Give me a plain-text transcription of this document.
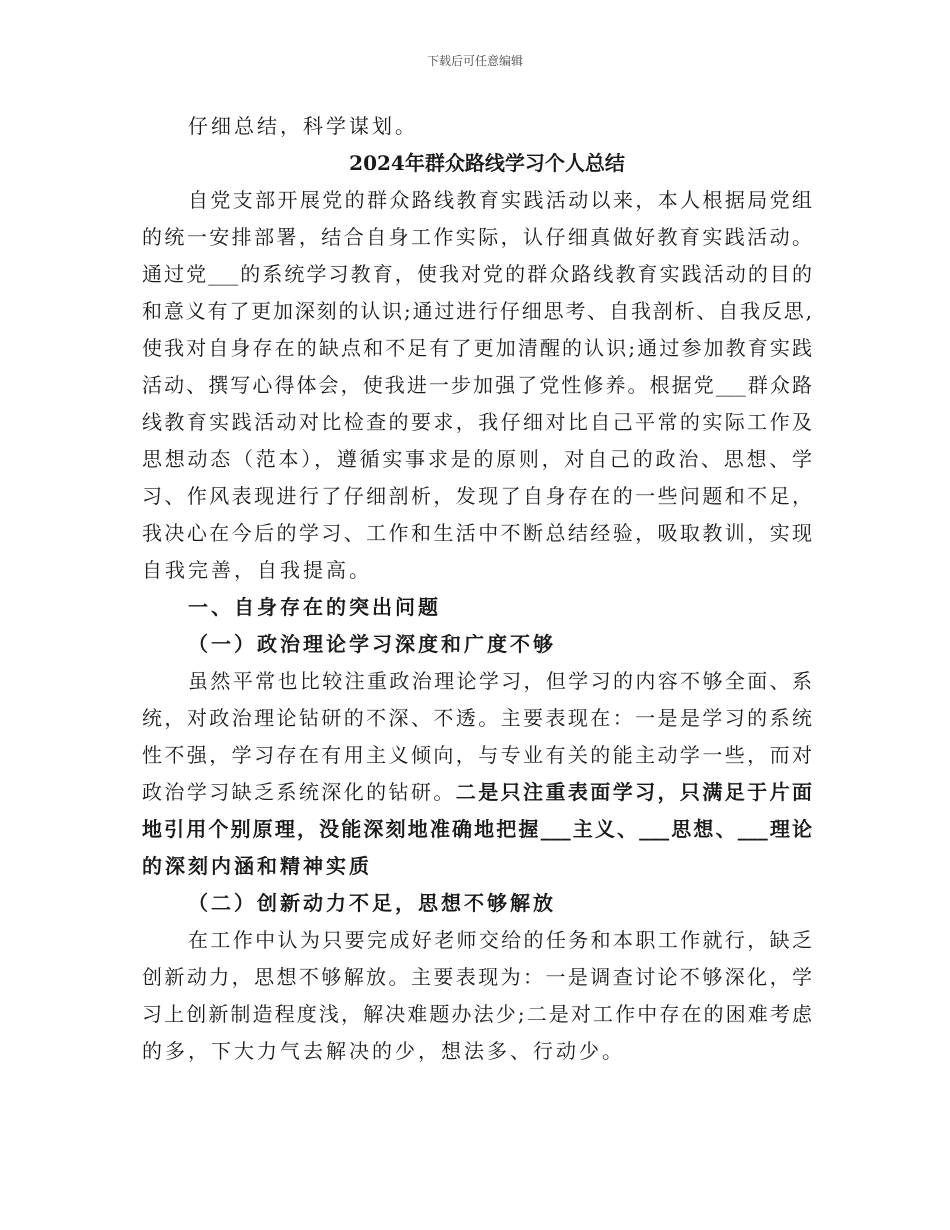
下载后可任意编辑
仔细总结，科学谋划。
2024年群众路线学习个人总结
自党支部开展党的群众路线教育实践活动以来，本人根据局党组
的统一安排部署，结合自身工作实际，认仔细真做好教育实践活动。
通过党___的系统学习教育，使我对党的群众路线教育实践活动的目的
和意义有了更加深刻的认识;通过进行仔细思考、自我剖析、自我反思,
使我对自身存在的缺点和不足有了更加清醒的认识;通过参加教育实践
活动、撰写心得体会，使我进一步加强了党性修养。根据党___群众路
线教育实践活动对比检查的要求，我仔细对比自己平常的实际工作及
思想动态（范本），遵循实事求是的原则，对自己的政治、思想、学
习、作风表现进行了仔细剖析，发现了自身存在的一些问题和不足，
我决心在今后的学习、工作和生活中不断总结经验，吸取教训，实现
自我完善，自我提高。
一、自身存在的突出问题
（一）政治理论学习深度和广度不够
虽然平常也比较注重政治理论学习，但学习的内容不够全面、系
统，对政治理论钻研的不深、不透。主要表现在：一是是学习的系统
性不强，学习存在有用主义倾向，与专业有关的能主动学一些，而对
政治学习缺乏系统深化的钻研。二是只注重表面学习，只满足于片面
地引用个别原理，没能深刻地准确地把握___主义、___思想、___理论
的深刻内涵和精神实质
（二）创新动力不足，思想不够解放
在工作中认为只要完成好老师交给的任务和本职工作就行，缺乏
创新动力，思想不够解放。主要表现为：一是调查讨论不够深化，学
习上创新制造程度浅，解决难题办法少;二是对工作中存在的困难考虑
的多，下大力气去解决的少，想法多、行动少。
